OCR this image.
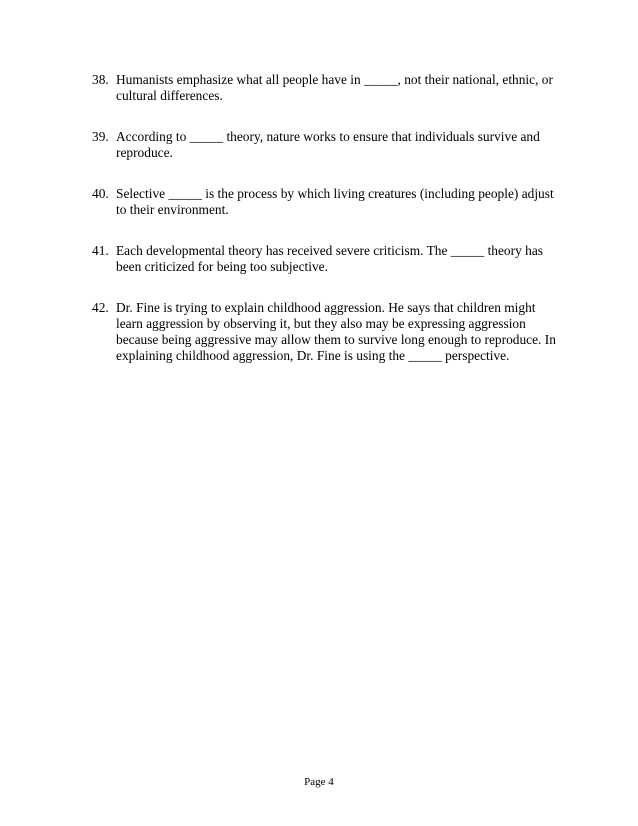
38. Humanists emphasize what all people have in _____, not their national, ethnic, or cultural differences.
39. According to _____ theory, nature works to ensure that individuals survive and reproduce.
40. Selective _____ is the process by which living creatures (including people) adjust to their environment.
41. Each developmental theory has received severe criticism. The _____ theory has been criticized for being too subjective.
42. Dr. Fine is trying to explain childhood aggression. He says that children might learn aggression by observing it, but they also may be expressing aggression because being aggressive may allow them to survive long enough to reproduce. In explaining childhood aggression, Dr. Fine is using the _____ perspective.
Page 4
